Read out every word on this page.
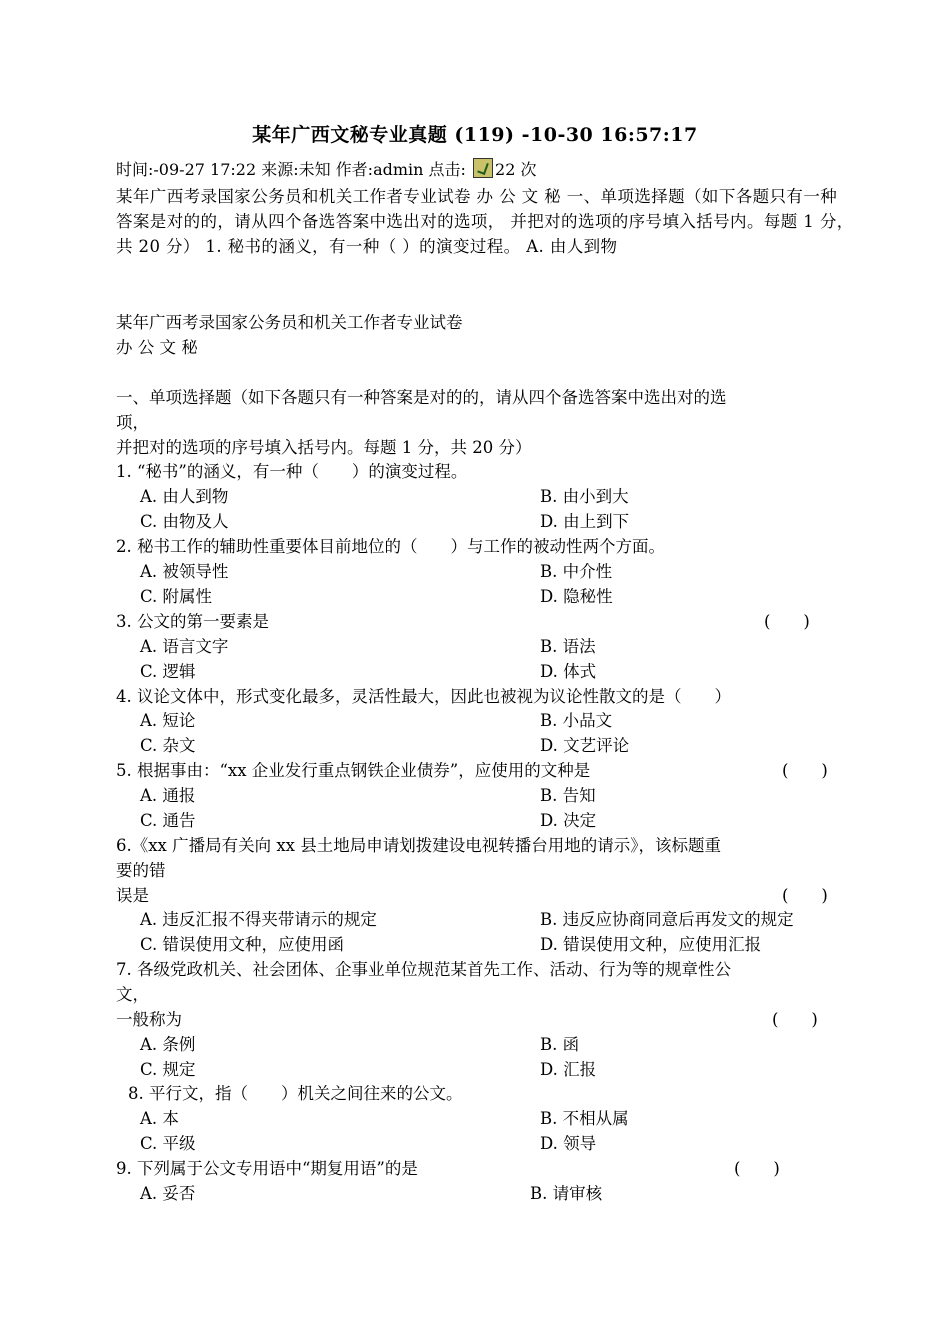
某年广西文秘专业真题 (119) -10-30 16:57:17
时间:-09-27 17:22 来源:未知 作者:admin 点击: 22 次
某年广西考录国家公务员和机关工作者专业试卷 办 公 文 秘 一、单项选择题（如下各题只有一种答案是对的的，请从四个备选答案中选出对的选项， 并把对的选项的序号填入括号内。每题 1 分，共 20 分） 1. 秘书的涵义，有一种（ ）的演变过程。 A. 由人到物
某年广西考录国家公务员和机关工作者专业试卷
办 公 文 秘
一、单项选择题（如下各题只有一种答案是对的的，请从四个备选答案中选出对的选
项，
并把对的选项的序号填入括号内。每题 1 分，共 20 分）
1. “秘书”的涵义，有一种（　　）的演变过程。
A. 由人到物	B. 由小到大
C. 由物及人	D. 由上到下
2. 秘书工作的辅助性重要体目前地位的（　　）与工作的被动性两个方面。
A. 被领导性	B. 中介性
C. 附属性	D. 隐秘性
3. 公文的第一要素是	(　　)
A. 语言文字	B. 语法
C. 逻辑	D. 体式
4. 议论文体中，形式变化最多，灵活性最大，因此也被视为议论性散文的是（　　）
A. 短论	B. 小品文
C. 杂文	D. 文艺评论
5. 根据事由：“xx 企业发行重点钢铁企业债券”，应使用的文种是	(　　)
A. 通报	B. 告知
C. 通告	D. 决定
6.《xx 广播局有关向 xx 县土地局申请划拨建设电视转播台用地的请示》，该标题重
要的错
误是	(　　)
A. 违反汇报不得夹带请示的规定	B. 违反应协商同意后再发文的规定
C. 错误使用文种，应使用函	D. 错误使用文种，应使用汇报
7. 各级党政机关、社会团体、企事业单位规范某首先工作、活动、行为等的规章性公
文，
一般称为	(　　)
A. 条例	B. 函
C. 规定	D. 汇报
8. 平行文，指（　　）机关之间往来的公文。
A. 本	B. 不相从属
C. 平级	D. 领导
9. 下列属于公文专用语中“期复用语”的是	(　　)
A. 妥否	B. 请审核
